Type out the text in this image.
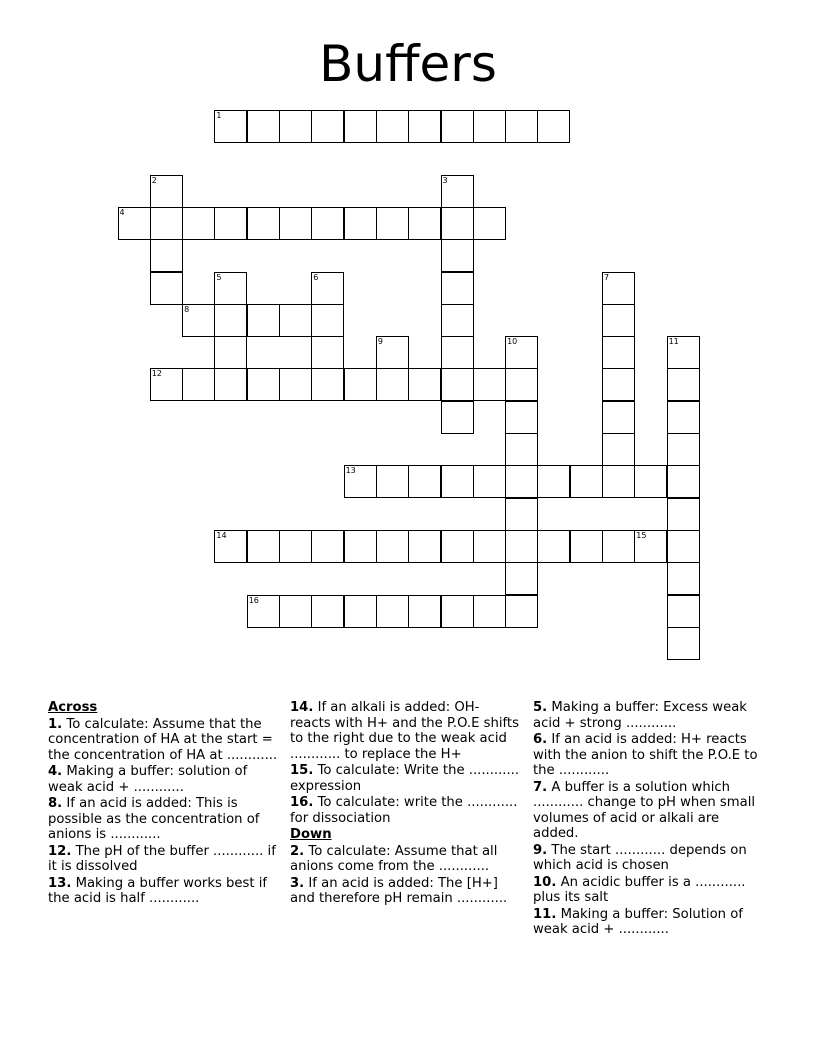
Buffers
1
4
8
12
13
14	15
16
2	3
5	6	7
9	10	11
Across
1. To calculate: Assume that the concentration of HA at the start = the concentration of HA at ............
4. Making a buffer: solution of weak acid + ............
8. If an acid is added: This is possible as the concentration of anions is ............
12. The pH of the buffer ............ if it is dissolved
13. Making a buffer works best if the acid is half ............
14. If an alkali is added: OH- reacts with H+ and the P.O.E shifts to the right due to the weak acid ............ to replace the H+
15. To calculate: Write the ............ expression
16. To calculate: write the ............ for dissociation
Down
2. To calculate: Assume that all anions come from the ............
3. If an acid is added: The [H+] and therefore pH remain ............
5. Making a buffer: Excess weak acid + strong ............
6. If an acid is added: H+ reacts with the anion to shift the P.O.E to the ............
7. A buffer is a solution which ............ change to pH when small volumes of acid or alkali are added.
9. The start ............ depends on which acid is chosen
10. An acidic buffer is a ............ plus its salt
11. Making a buffer: Solution of weak acid + ............
